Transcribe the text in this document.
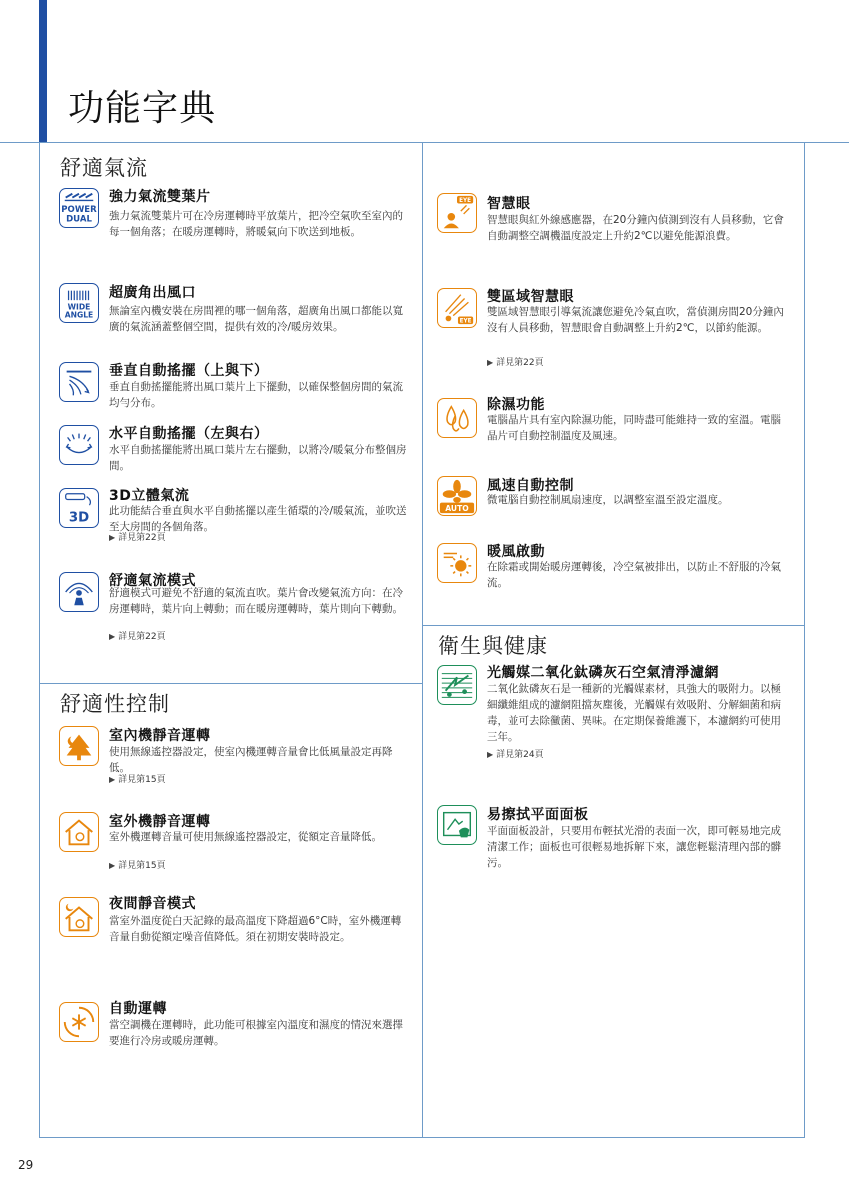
功能字典
舒適氣流
舒適性控制
衛生與健康
POWER
DUAL
強力氣流雙葉片
強力氣流雙葉片可在冷房運轉時平放葉片，把冷空氣吹至室內的每一個角落；在暖房運轉時，將暖氣向下吹送到地板。
WIDE
ANGLE
超廣角出風口
無論室內機安裝在房間裡的哪一個角落，超廣角出風口都能以寬廣的氣流涵蓋整個空間，提供有效的冷/暖房效果。
垂直自動搖擺（上與下）
垂直自動搖擺能將出風口葉片上下擺動，以確保整個房間的氣流均勻分布。
水平自動搖擺（左與右）
水平自動搖擺能將出風口葉片左右擺動，以將冷/暖氣分布整個房間。
3D
3D立體氣流
此功能結合垂直與水平自動搖擺以產生循環的冷/暖氣流，並吹送至大房間的各個角落。
▶ 詳見第22頁
舒適氣流模式
舒適模式可避免不舒適的氣流直吹。葉片會改變氣流方向：在冷房運轉時，葉片向上轉動；而在暖房運轉時，葉片則向下轉動。
▶ 詳見第22頁
室內機靜音運轉
使用無線遙控器設定，使室內機運轉音量會比低風量設定再降低。
▶ 詳見第15頁
室外機靜音運轉
室外機運轉音量可使用無線遙控器設定，從額定音量降低。
▶ 詳見第15頁
夜間靜音模式
當室外溫度從白天記錄的最高溫度下降超過6°C時，室外機運轉音量自動從額定噪音值降低。須在初期安裝時設定。
自動運轉
當空調機在運轉時，此功能可根據室內溫度和濕度的情況來選擇要進行冷房或暖房運轉。
EYE 智慧眼
智慧眼與紅外線感應器，在20分鐘內偵測到沒有人員移動，它會自動調整空調機溫度設定上升約2℃以避免能源浪費。
EYE
雙區域智慧眼
雙區域智慧眼引導氣流讓您避免冷氣直吹，當偵測房間20分鐘內沒有人員移動，智慧眼會自動調整上升約2℃，以節約能源。
▶ 詳見第22頁
除濕功能
電腦晶片具有室內除濕功能，同時盡可能維持一致的室溫。電腦晶片可自動控制溫度及風速。
AUTO
風速自動控制
微電腦自動控制風扇速度，以調整室溫至設定溫度。
暖風啟動
在除霜或開始暖房運轉後，冷空氣被排出，以防止不舒服的冷氣流。
光觸媒二氧化鈦磷灰石空氣清淨濾網
二氧化鈦磷灰石是一種新的光觸媒素材，具強大的吸附力。以極細纖維組成的濾網阻擋灰塵後，光觸媒有效吸附、分解細菌和病毒，並可去除黴菌、異味。在定期保養維護下，本濾網約可使用三年。
▶ 詳見第24頁
易擦拭平面面板
平面面板設計，只要用布輕拭光滑的表面一次，即可輕易地完成清潔工作；面板也可很輕易地拆解下來，讓您輕鬆清理內部的髒污。
29
